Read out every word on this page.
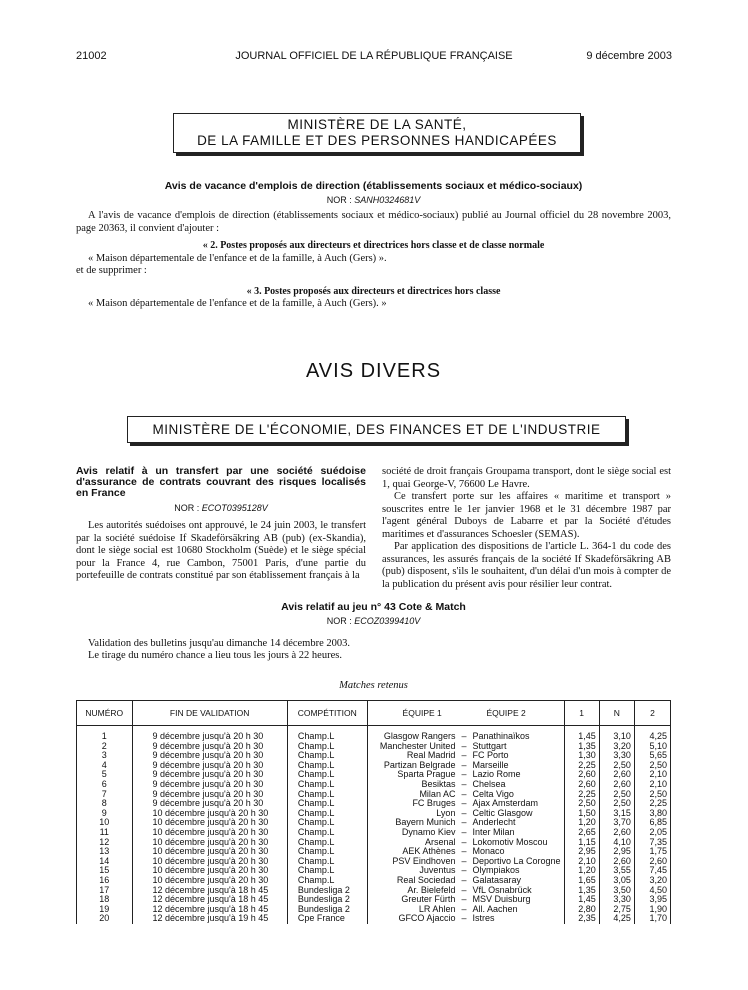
21002	JOURNAL OFFICIEL DE LA RÉPUBLIQUE FRANÇAISE	9 décembre 2003
MINISTÈRE DE LA SANTÉ,
DE LA FAMILLE ET DES PERSONNES HANDICAPÉES
Avis de vacance d'emplois de direction (établissements sociaux et médico-sociaux)
NOR : SANH0324681V
A l'avis de vacance d'emplois de direction (établissements sociaux et médico-sociaux) publié au Journal officiel du 28 novembre 2003, page 20363, il convient d'ajouter :
« 2. Postes proposés aux directeurs et directrices hors classe et de classe normale
« Maison départementale de l'enfance et de la famille, à Auch (Gers) ».
et de supprimer :
« 3. Postes proposés aux directeurs et directrices hors classe
« Maison départementale de l'enfance et de la famille, à Auch (Gers). »
AVIS DIVERS
MINISTÈRE DE L'ÉCONOMIE, DES FINANCES ET DE L'INDUSTRIE
Avis relatif à un transfert par une société suédoise d'assurance de contrats couvrant des risques localisés en France
NOR : ECOT0395128V
Les autorités suédoises ont approuvé, le 24 juin 2003, le transfert par la société suédoise If Skadeförsäkring AB (pub) (ex-Skandia), dont le siège social est 10680 Stockholm (Suède) et le siège spécial pour la France 4, rue Cambon, 75001 Paris, d'une partie du portefeuille de contrats constitué par son établissement français à la
société de droit français Groupama transport, dont le siège social est 1, quai George-V, 76600 Le Havre.
Ce transfert porte sur les affaires « maritime et transport » souscrites entre le 1er janvier 1968 et le 31 décembre 1987 par l'agent général Duboys de Labarre et par la Société d'études maritimes et d'assurances Schoesler (SEMAS).
Par application des dispositions de l'article L. 364-1 du code des assurances, les assurés français de la société If Skadeförsäkring AB (pub) disposent, s'ils le souhaitent, d'un délai d'un mois à compter de la publication du présent avis pour résilier leur contrat.
Avis relatif au jeu n° 43 Cote & Match
NOR : ECOZ0399410V
Validation des bulletins jusqu'au dimanche 14 décembre 2003.
Le tirage du numéro chance a lieu tous les jours à 22 heures.
Matches retenus
NUMÉRO	FIN DE VALIDATION	COMPÉTITION	ÉQUIPE 1 ÉQUIPE 2			1	N	2

1	9 décembre jusqu'à 20 h 30	Champ.L	Glasgow Rangers	–	Panathinaïkos	1,45	3,10	4,25
2	9 décembre jusqu'à 20 h 30	Champ.L	Manchester United	–	Stuttgart	1,35	3,20	5,10
3	9 décembre jusqu'à 20 h 30	Champ.L	Real Madrid	–	FC Porto	1,30	3,30	5,65
4	9 décembre jusqu'à 20 h 30	Champ.L	Partizan Belgrade	–	Marseille	2,25	2,50	2,50
5	9 décembre jusqu'à 20 h 30	Champ.L	Sparta Prague	–	Lazio Rome	2,60	2,60	2,10
6	9 décembre jusqu'à 20 h 30	Champ.L	Besiktas	–	Chelsea	2,60	2,60	2,10
7	9 décembre jusqu'à 20 h 30	Champ.L	Milan AC	–	Celta Vigo	2,25	2,50	2,50
8	9 décembre jusqu'à 20 h 30	Champ.L	FC Bruges	–	Ajax Amsterdam	2,50	2,50	2,25
9	10 décembre jusqu'à 20 h 30	Champ.L	Lyon	–	Celtic Glasgow	1,50	3,15	3,80
10	10 décembre jusqu'à 20 h 30	Champ.L	Bayern Munich	–	Anderlecht	1,20	3,70	6,85
11	10 décembre jusqu'à 20 h 30	Champ.L	Dynamo Kiev	–	Inter Milan	2,65	2,60	2,05
12	10 décembre jusqu'à 20 h 30	Champ.L	Arsenal	–	Lokomotiv Moscou	1,15	4,10	7,35
13	10 décembre jusqu'à 20 h 30	Champ.L	AEK Athènes	–	Monaco	2,95	2,95	1,75
14	10 décembre jusqu'à 20 h 30	Champ.L	PSV Eindhoven	–	Deportivo La Corogne	2,10	2,60	2,60
15	10 décembre jusqu'à 20 h 30	Champ.L	Juventus	–	Olympiakos	1,20	3,55	7,45
16	10 décembre jusqu'à 20 h 30	Champ.L	Real Sociedad	–	Galatasaray	1,65	3,05	3,20
17	12 décembre jusqu'à 18 h 45	Bundesliga 2	Ar. Bielefeld	–	VfL Osnabrück	1,35	3,50	4,50
18	12 décembre jusqu'à 18 h 45	Bundesliga 2	Greuter Fürth	–	MSV Duisburg	1,45	3,30	3,95
19	12 décembre jusqu'à 18 h 45	Bundesliga 2	LR Ahlen	–	All. Aachen	2,80	2,75	1,90
20	12 décembre jusqu'à 19 h 45	Cpe France	GFCO Ajaccio	–	Istres	2,35	4,25	1,70
